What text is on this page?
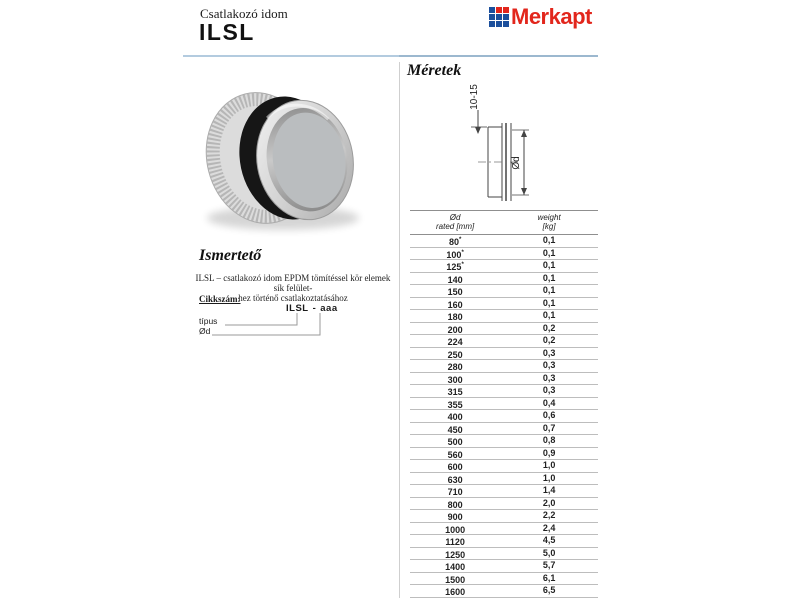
Csatlakozó idom
ILSL
Merkapt
Ismertető
ILSL – csatlakozó idom EPDM tömítéssel kör elemek sík felület-
hez történő csatlakoztatásához
Cikkszám:
ILSL - aaa
típus
Ød
Méretek
10-15
Ød
Ød
rated [mm]
weight
[kg]
80*	0,1
100*	0,1
125*	0,1
140	0,1
150	0,1
160	0,1
180	0,1
200	0,2
224	0,2
250	0,3
280	0,3
300	0,3
315	0,3
355	0,4
400	0,6
450	0,7
500	0,8
560	0,9
600	1,0
630	1,0
710	1,4
800	2,0
900	2,2
1000	2,4
1120	4,5
1250	5,0
1400	5,7
1500	6,1
1600	6,5
